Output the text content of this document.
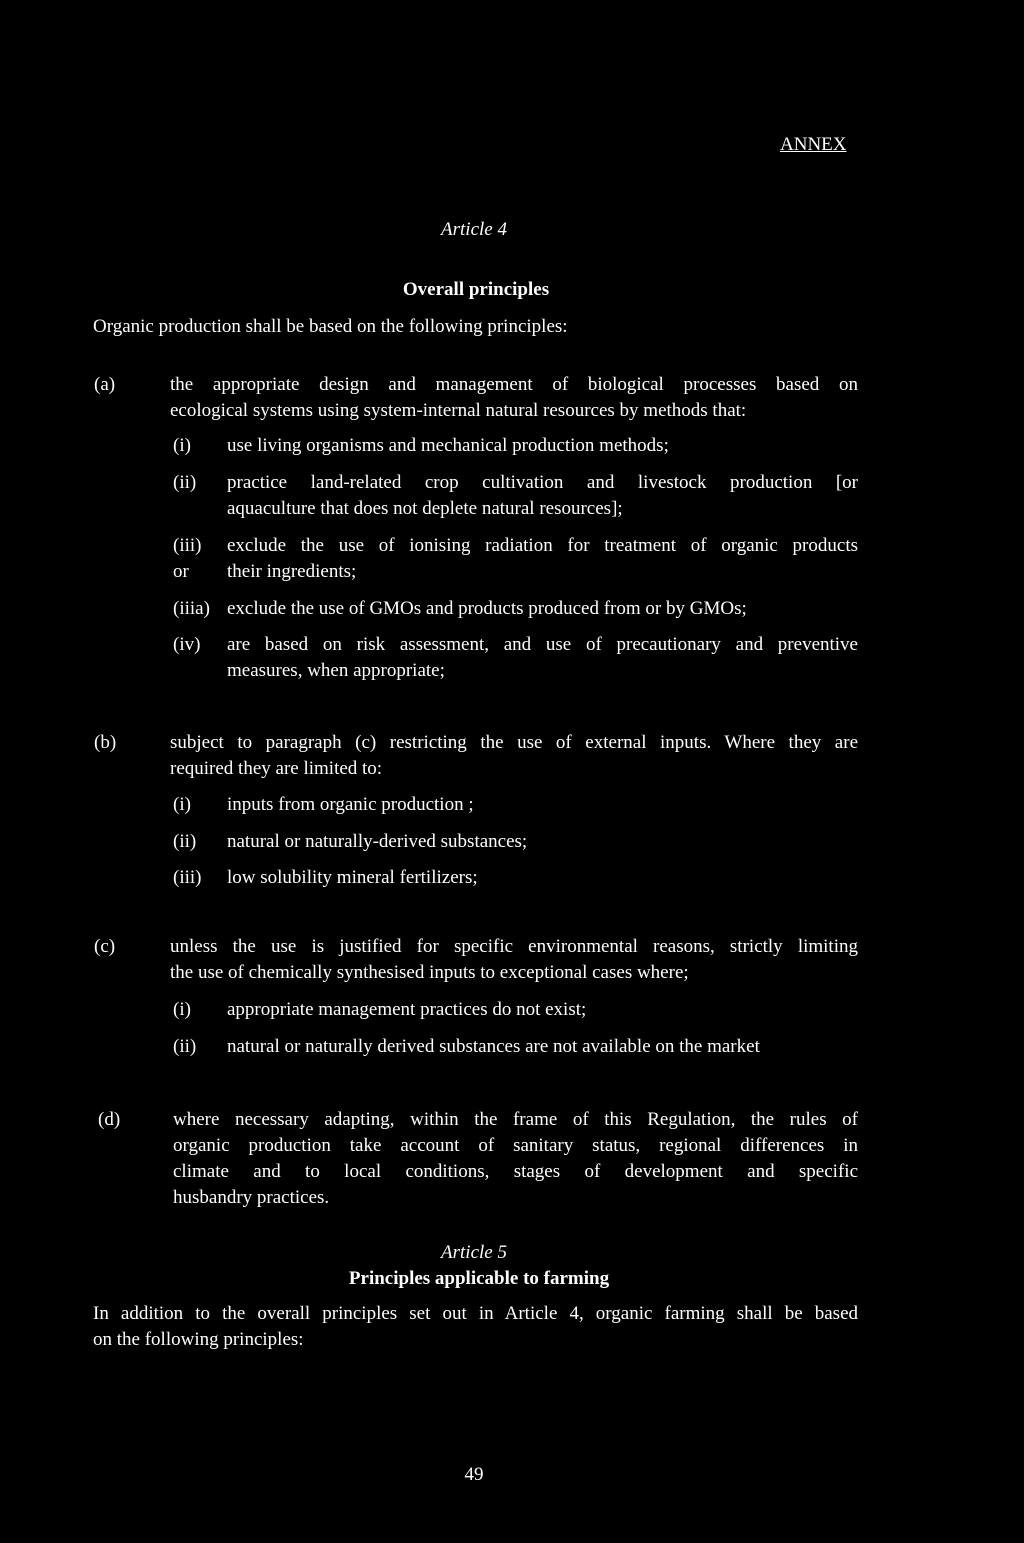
ANNEX
Article 4
Overall principles
Organic production shall be based on the following principles:
(a)	the appropriate design and management of biological processes based on
ecological systems using system-internal natural resources by methods that:
(i) use living organisms and mechanical production methods;
(ii) practice land-related crop cultivation and livestock production [or
aquaculture that does not deplete natural resources];
(iii)
or
exclude the use of ionising radiation for treatment of organic products
their ingredients;
(iiia) exclude the use of GMOs and products produced from or by GMOs;
(iv) are based on risk assessment, and use of precautionary and preventive
measures, when appropriate;
(b)	subject to paragraph (c) restricting the use of external inputs. Where they are
required they are limited to:
(i) inputs from organic production ;
(ii) natural or naturally-derived substances;
(iii) low solubility mineral fertilizers;
(c)	unless the use is justified for specific environmental reasons, strictly limiting
the use of chemically synthesised inputs to exceptional cases where;
(i) appropriate management practices do not exist;
(ii) natural or naturally derived substances are not available on the market
(d)	where necessary adapting, within the frame of this Regulation, the rules of
organic production take account of sanitary status, regional differences in
climate and to local conditions, stages of development and specific
husbandry practices.
Article 5
Principles applicable to farming
In addition to the overall principles set out in Article 4, organic farming shall be based
on the following principles:
49
